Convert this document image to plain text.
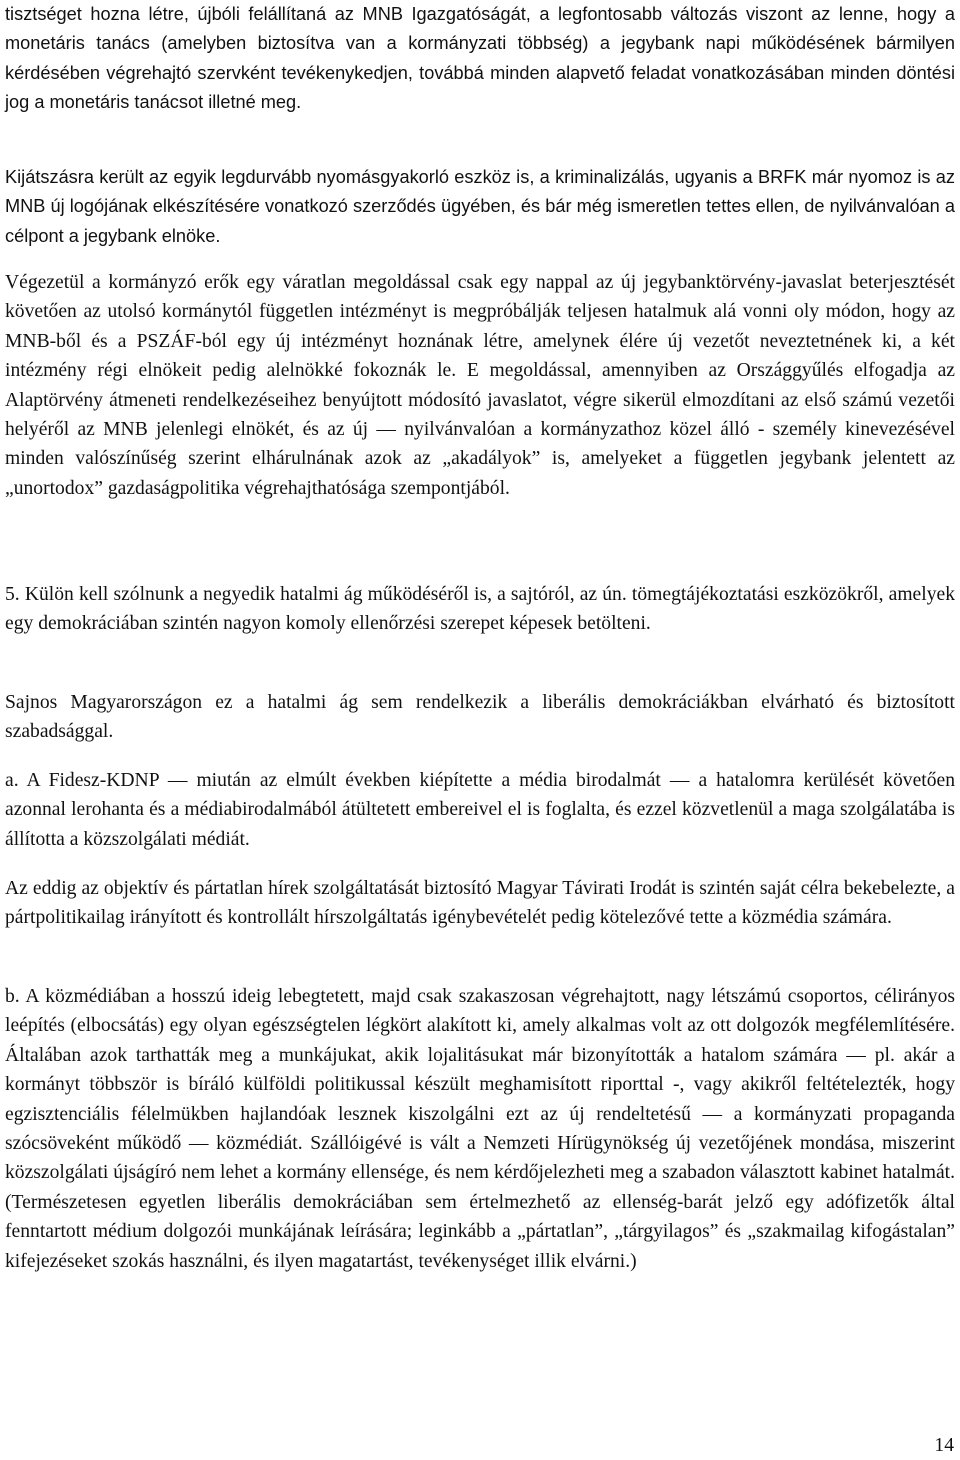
tisztséget hozna létre, újbóli felállítaná az MNB Igazgatóságát, a legfontosabb változás viszont az lenne, hogy a monetáris tanács (amelyben biztosítva van a kormányzati többség) a jegybank napi működésének bármilyen kérdésében végrehajtó szervként tevékenykedjen, továbbá minden alapvető feladat vonatkozásában minden döntési jog a monetáris tanácsot illetné meg.

Kijátszásra került az egyik legdurvább nyomásgyakorló eszköz is, a kriminalizálás, ugyanis a BRFK már nyomoz is az MNB új logójának elkészítésére vonatkozó szerződés ügyében, és bár még ismeretlen tettes ellen, de nyilvánvalóan a célpont a jegybank elnöke.

Végezetül a kormányzó erők egy váratlan megoldással csak egy nappal az új jegybanktörvény-javaslat beterjesztését követően az utolsó kormánytól független intézményt is megpróbálják teljesen hatalmuk alá vonni oly módon, hogy az MNB-ből és a PSZÁF-ból egy új intézményt hoznának létre, amelynek élére új vezetőt neveztetnének ki, a két intézmény régi elnökeit pedig alelnökké fokoznák le. E megoldással, amennyiben az Országgyűlés elfogadja az Alaptörvény átmeneti rendelkezéseihez benyújtott módosító javaslatot, végre sikerül elmozdítani az első számú vezetői helyéről az MNB jelenlegi elnökét, és az új — nyilvánvalóan a kormányzathoz közel álló - személy kinevezésével minden valószínűség szerint elhárulnának azok az „akadályok” is, amelyeket a független jegybank jelentett az „unortodox” gazdaságpolitika végrehajthatósága szempontjából.

5. Külön kell szólnunk a negyedik hatalmi ág működéséről is, a sajtóról, az ún. tömegtájékoztatási eszközökről, amelyek egy demokráciában szintén nagyon komoly ellenőrzési szerepet képesek betölteni.

Sajnos Magyarországon ez a hatalmi ág sem rendelkezik a liberális demokráciákban elvárható és biztosított szabadsággal.

a. A Fidesz-KDNP — miután az elmúlt években kiépítette a média birodalmát — a hatalomra kerülését követően azonnal lerohanta és a médiabirodalmából átültetett embereivel el is foglalta, és ezzel közvetlenül a maga szolgálatába is állította a közszolgálati médiát.

Az eddig az objektív és pártatlan hírek szolgáltatását biztosító Magyar Távirati Irodát is szintén saját célra bekebelezte, a pártpolitikailag irányított és kontrollált hírszolgáltatás igénybevételét pedig kötelezővé tette a közmédia számára.

b. A közmédiában a hosszú ideig lebegtetett, majd csak szakaszosan végrehajtott, nagy létszámú csoportos, célirányos leépítés (elbocsátás) egy olyan egészségtelen légkört alakított ki, amely alkalmas volt az ott dolgozók megfélemlítésére. Általában azok tarthatták meg a munkájukat, akik lojalitásukat már bizonyították a hatalom számára — pl. akár a kormányt többször is bíráló külföldi politikussal készült meghamisított riporttal -, vagy akikről feltételezték, hogy egzisztenciális félelmükben hajlandóak lesznek kiszolgálni ezt az új rendeltetésű — a kormányzati propaganda szócsöveként működő — közmédiát. Szállóigévé is vált a Nemzeti Hírügynökség új vezetőjének mondása, miszerint közszolgálati újságíró nem lehet a kormány ellensége, és nem kérdőjelezheti meg a szabadon választott kabinet hatalmát. (Természetesen egyetlen liberális demokráciában sem értelmezhető az ellenség-barát jelző egy adófizetők által fenntartott médium dolgozói munkájának leírására; leginkább a „pártatlan”, „tárgyilagos” és „szakmailag kifogástalan” kifejezéseket szokás használni, és ilyen magatartást, tevékenységet illik elvárni.)

14
